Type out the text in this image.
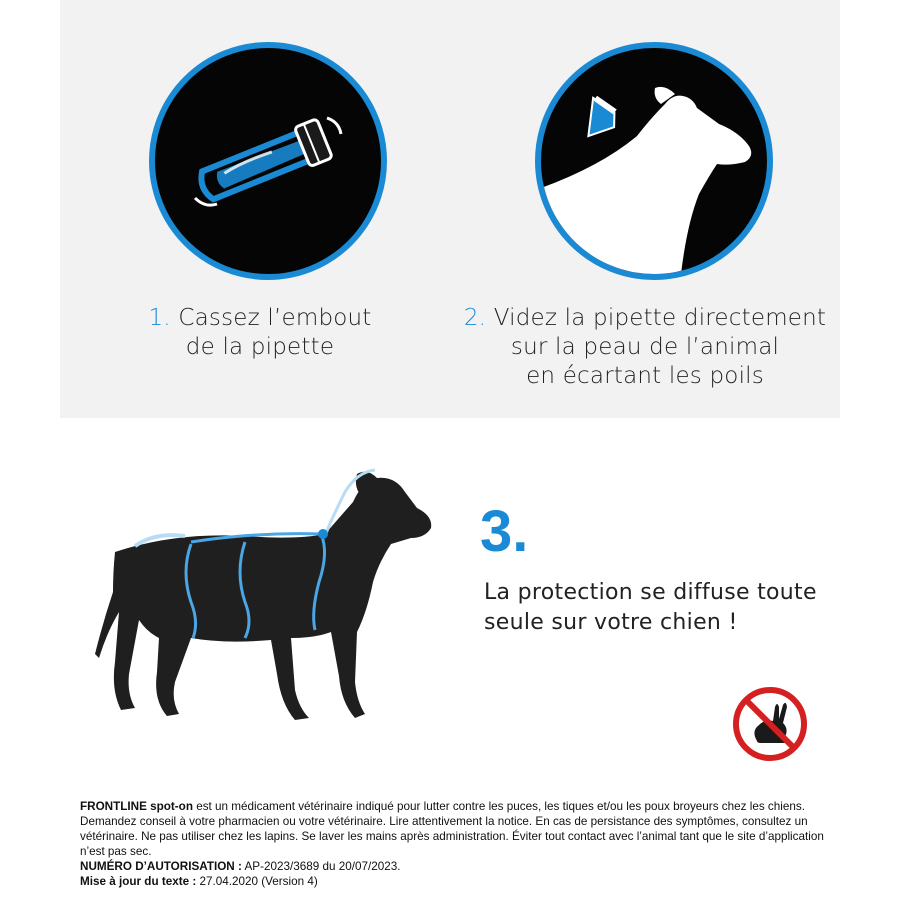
1. Cassez l’embout
de la pipette
2. Videz la pipette directement
sur la peau de l’animal
en écartant les poils
3.
La protection se diffuse toute
seule sur votre chien !
FRONTLINE spot-on est un médicament vétérinaire indiqué pour lutter contre les puces, les tiques et/ou les poux broyeurs chez les chiens. Demandez conseil à votre pharmacien ou votre vétérinaire. Lire attentivement la notice. En cas de persistance des symptômes, consultez un vétérinaire. Ne pas utiliser chez les lapins. Se laver les mains après administration. Éviter tout contact avec l’animal tant que le site d’application n’est pas sec.
NUMÉRO D’AUTORISATION : AP-2023/3689 du 20/07/2023.
Mise à jour du texte : 27.04.2020 (Version 4)
